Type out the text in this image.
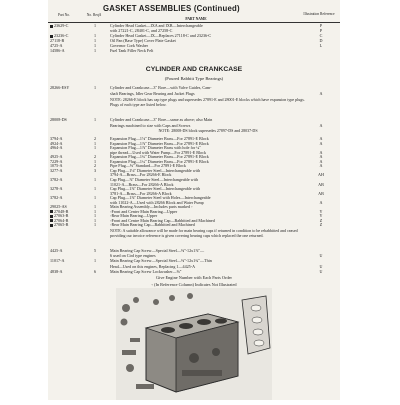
GASKET ASSEMBLIES (Continued)
Part No.	No. Req'd
PART NAME
Illustration Reference
23629-C	1	Cylinder Head Gasket—IXA and IXB—Interchangeable	P
with 27221-C, 28401-C, and 27258-C	P
23236-C	1	Cylinder Head Gasket—IX—Replaces 27118-C and 23236-C	C
27118-B	1	Oil Pan (Base Type) Cover Plate Gasket	D
4725-A	1	Governor Cork Washer	L
14586-A	1	Fuel Tank Filler Neck Felt
CYLINDER AND CRANKCASE
(Poured Babbitt Type Bearings)
28266-ESY	1	Cylinder and Crankcase—3" Bore—with Valve Guides, Cam-
shaft Bearings, Idler Gear Bearing and Jacket Plugs	A
NOTE: 28266-E block has cap type plugs and supersedes 27891-E and 28001-E blocks which have expansion type plugs. Plugs of each type are listed below.
28008-DS	1	Cylinder and Crankcase—3" Bore—same as above; also Main
Bearings machined to size with Caps and Screws	A
NOTE: 28008-DS block supersedes 27897-DS and 28037-DS
3794-A	2	Expansion Plug—1⅛" Diameter Brass—For 27891-E Block	A
4924-A	1	Expansion Plug—1⅞" Diameter Brass—For 27891-E Block	A
4964-A	1	Expansion Plug—1⅞" Diameter Brass with hole for ¼"
pipe thread—Used with Water Pump—For 27891-E Block	A
4925-A	2	Expansion Plug—1¾" Diameter Brass—For 27891-E Block	A
7229-A	1	Expansion Plug—1¼" Diameter Brass—For 27891-E Block	A
1075-A	2	Pipe Plug—⅜" Standard—For 27891-E Block	A
3277-A	3	Cap Plug—1⅛" Diameter Steel—Interchangeable with
3794-A—Brass—For 28266-E Block	AH
3782-A	1	Cap Plug—⅞" Diameter Steel—Interchangeable with
11021-A—Brass—For 28266-A Block	AB
3278-A	1	Cap Plug—1⅞" Diameter Steel—Interchangeable with
3781-A—Brass—For 28266-A Block	AB
3782-A	1	Cap Plug—1⅞" Diameter Steel with Holes—Interchangeable
with 11022-A—Used with 28266 Block and Water Pump	A
29025-AS	1	Main Bearing Assembly—Includes parts marked ◦
27048-B	1	◦Front and Center Main Bearing—Upper	Y
27063-B	1	◦Rear Main Bearing—Upper	Y
27064-B	1	◦Front and Centre Main Bearing Cap—Babbitted and Machined	Z
27065-B	1	◦Rear Main Bearing Cap—Babbitted and Machined	Z
NOTE: A suitable allowance will be made for main bearing caps if returned in condition to be rebabbitted and ceased providing our invoice reference is given covering bearing caps which replaced the one returned.
4425-A	5	Main Bearing Cap Screw—Special Steel—⅜"-12x1⅞"—
6 used on Cird type engines	U
11017-A	1	Main Bearing Cap Screw—Special Steel—⅜"-12x1¾"—Thin
Head—Used on this engines, Replacing 1—4425-A	U
4838-A	6	Main Bearing Cap Screw Lockwasher—⅜"	U
Give Engine Number with Each Parts Order
◦ (In Reference Column) Indicates Not Illustrated
